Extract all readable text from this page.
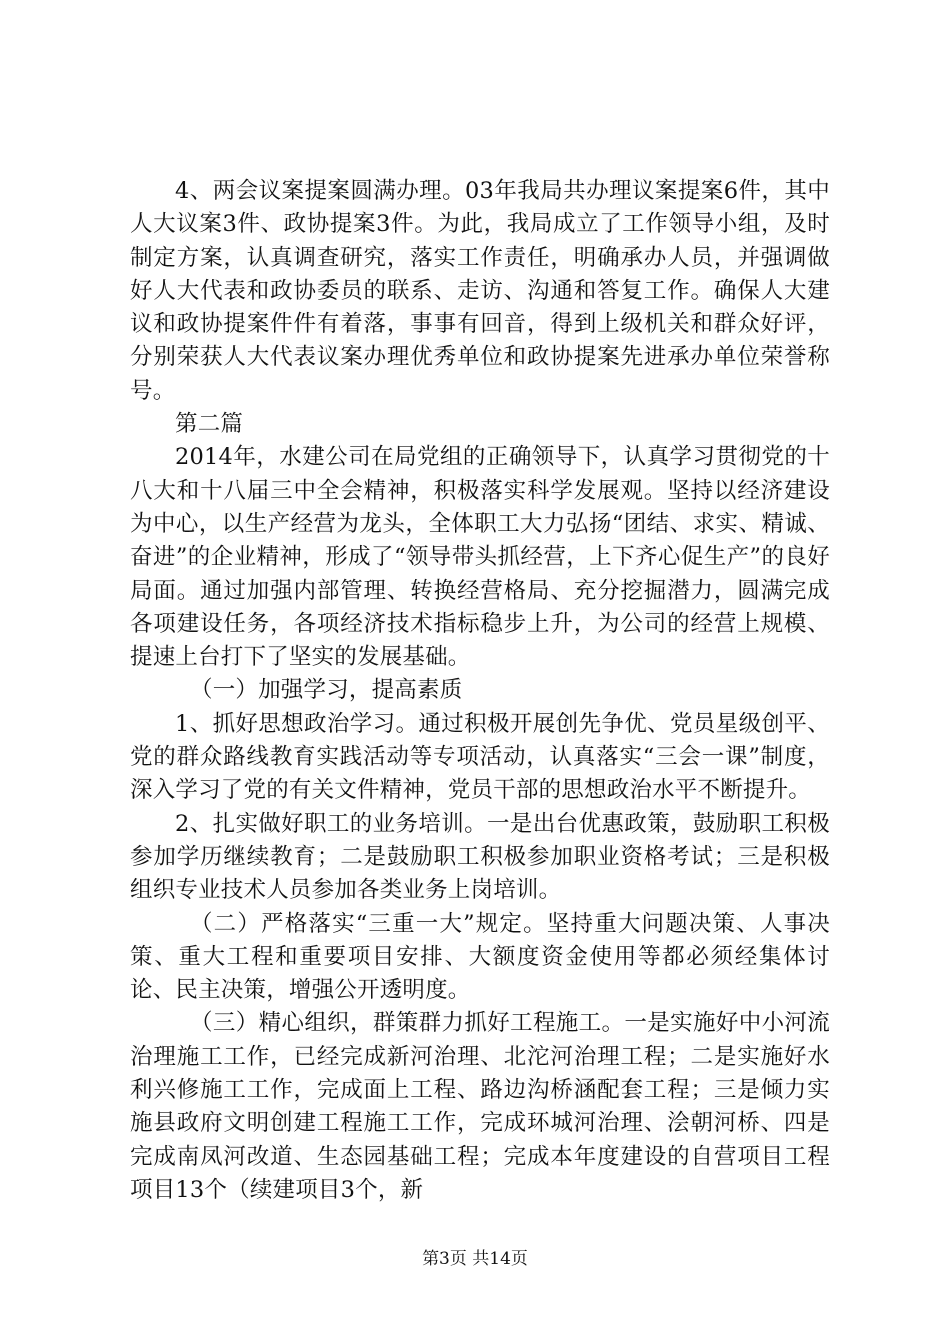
4、两会议案提案圆满办理。03年我局共办理议案提案6件，其中人大议案3件、政协提案3件。为此，我局成立了工作领导小组，及时制定方案，认真调查研究，落实工作责任，明确承办人员，并强调做好人大代表和政协委员的联系、走访、沟通和答复工作。确保人大建议和政协提案件件有着落，事事有回音，得到上级机关和群众好评，分别荣获人大代表议案办理优秀单位和政协提案先进承办单位荣誉称号。

第二篇

2014年，水建公司在局党组的正确领导下，认真学习贯彻党的十八大和十八届三中全会精神，积极落实科学发展观。坚持以经济建设为中心，以生产经营为龙头，全体职工大力弘扬“团结、求实、精诚、奋进”的企业精神，形成了“领导带头抓经营，上下齐心促生产”的良好局面。通过加强内部管理、转换经营格局、充分挖掘潜力，圆满完成各项建设任务，各项经济技术指标稳步上升，为公司的经营上规模、提速上台打下了坚实的发展基础。

（一）加强学习，提高素质

1、抓好思想政治学习。通过积极开展创先争优、党员星级创平、党的群众路线教育实践活动等专项活动，认真落实“三会一课”制度，深入学习了党的有关文件精神，党员干部的思想政治水平不断提升。

2、扎实做好职工的业务培训。一是出台优惠政策，鼓励职工积极参加学历继续教育；二是鼓励职工积极参加职业资格考试；三是积极组织专业技术人员参加各类业务上岗培训。

（二）严格落实“三重一大”规定。坚持重大问题决策、人事决策、重大工程和重要项目安排、大额度资金使用等都必须经集体讨论、民主决策，增强公开透明度。

（三）精心组织，群策群力抓好工程施工。一是实施好中小河流治理施工工作，已经完成新河治理、北沱河治理工程；二是实施好水利兴修施工工作，完成面上工程、路边沟桥涵配套工程；三是倾力实施县政府文明创建工程施工工作，完成环城河治理、浍朝河桥、四是完成南凤河改道、生态园基础工程；完成本年度建设的自营项目工程项目13个（续建项目3个，新

第3页 共14页
